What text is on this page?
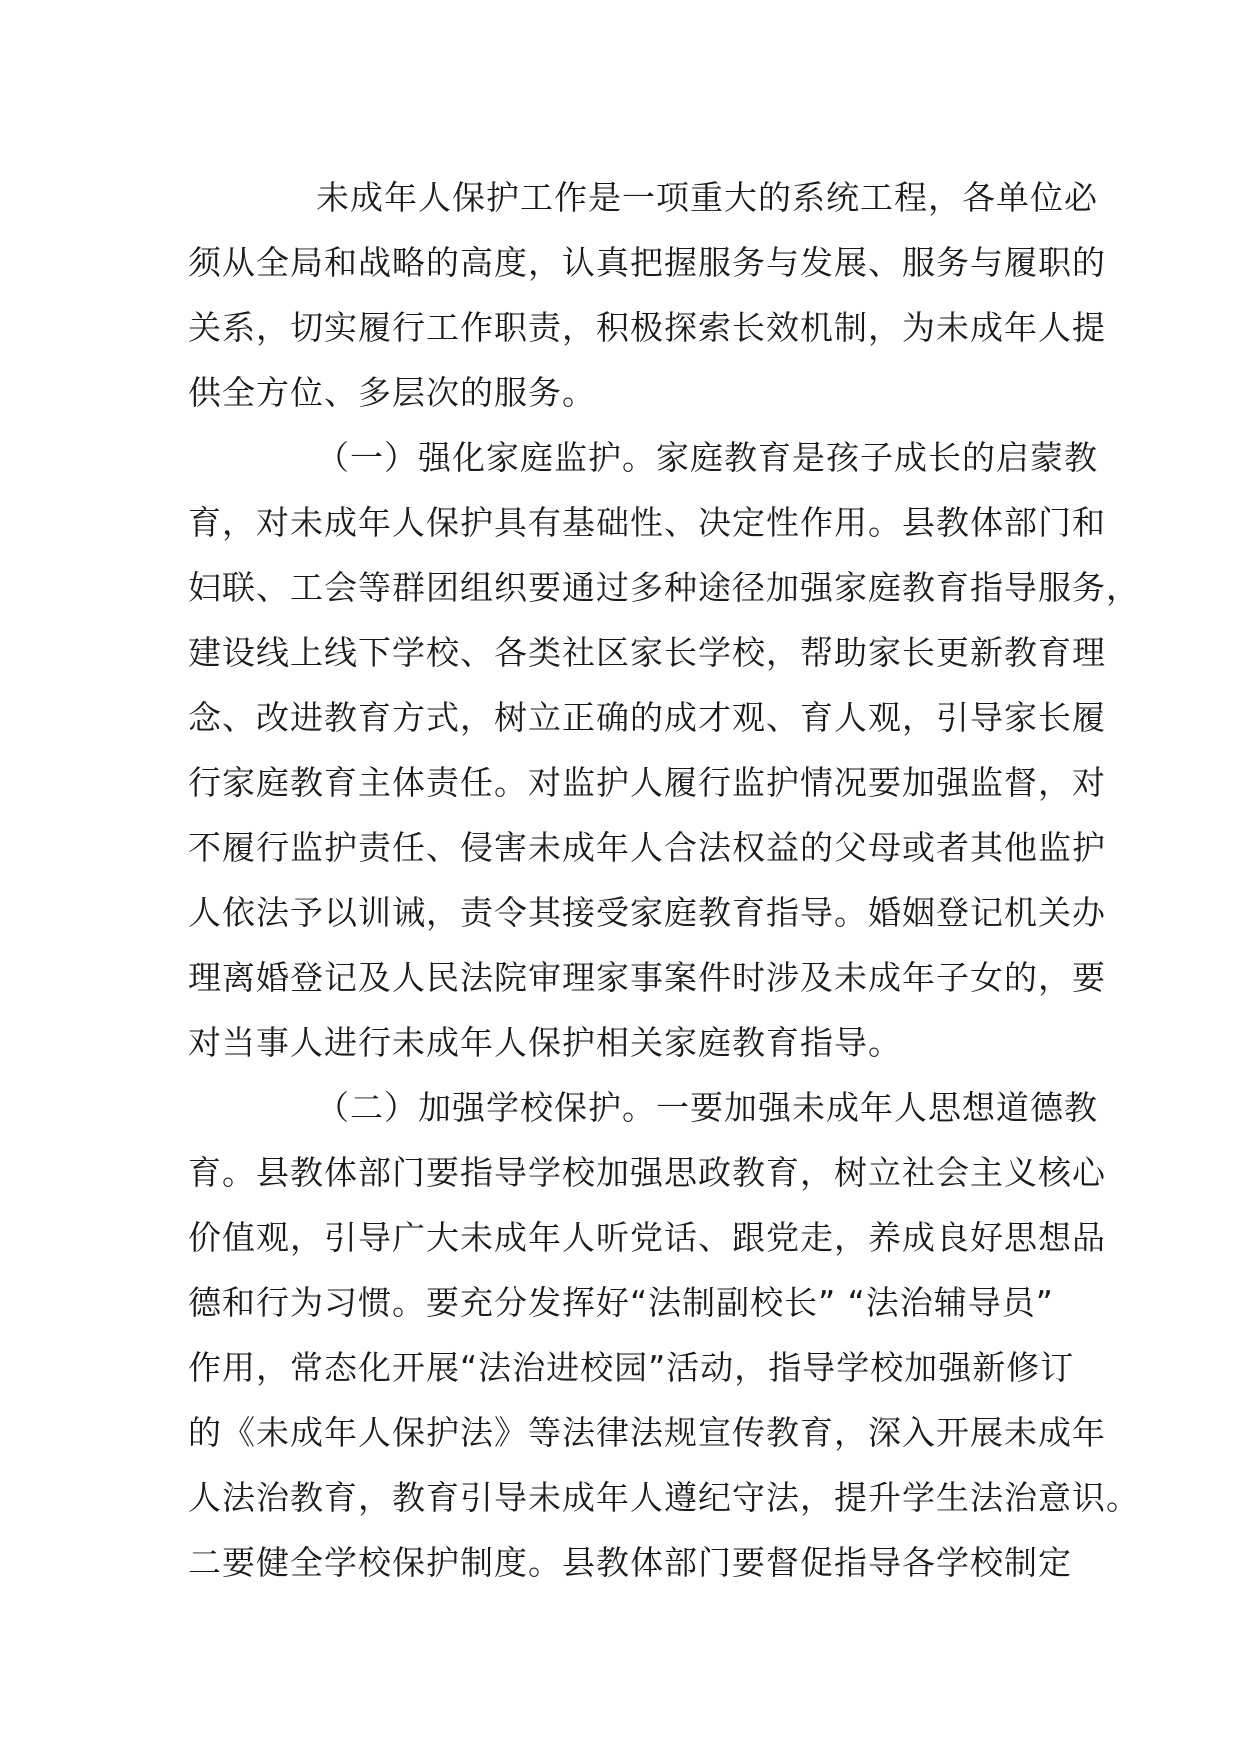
未成年人保护工作是一项重大的系统工程，各单位必
须从全局和战略的高度，认真把握服务与发展、服务与履职的
关系，切实履行工作职责，积极探索长效机制，为未成年人提
供全方位、多层次的服务。
（一）强化家庭监护。家庭教育是孩子成长的启蒙教
育，对未成年人保护具有基础性、决定性作用。县教体部门和
妇联、工会等群团组织要通过多种途径加强家庭教育指导服务，
建设线上线下学校、各类社区家长学校，帮助家长更新教育理
念、改进教育方式，树立正确的成才观、育人观，引导家长履
行家庭教育主体责任。对监护人履行监护情况要加强监督，对
不履行监护责任、侵害未成年人合法权益的父母或者其他监护
人依法予以训诫，责令其接受家庭教育指导。婚姻登记机关办
理离婚登记及人民法院审理家事案件时涉及未成年子女的，要
对当事人进行未成年人保护相关家庭教育指导。
（二）加强学校保护。一要加强未成年人思想道德教
育。县教体部门要指导学校加强思政教育，树立社会主义核心
价值观，引导广大未成年人听党话、跟党走，养成良好思想品
德和行为习惯。要充分发挥好“法制副校长” “法治辅导员”
作用，常态化开展“法治进校园”活动，指导学校加强新修订
的《未成年人保护法》等法律法规宣传教育，深入开展未成年
人法治教育，教育引导未成年人遵纪守法，提升学生法治意识。
二要健全学校保护制度。县教体部门要督促指导各学校制定
